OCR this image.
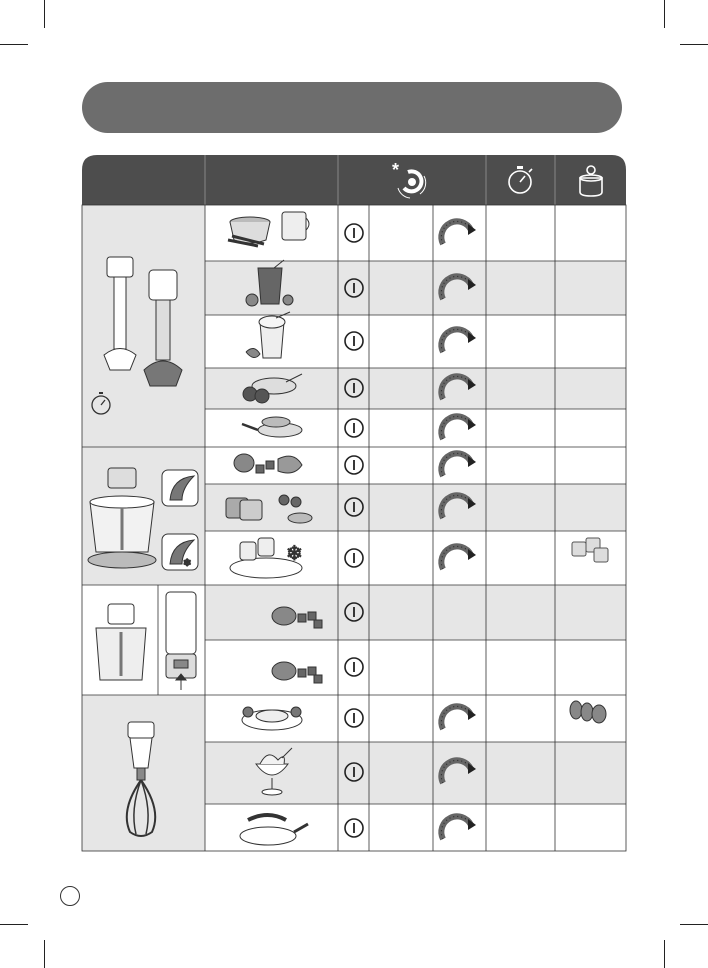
*
❄
❄
